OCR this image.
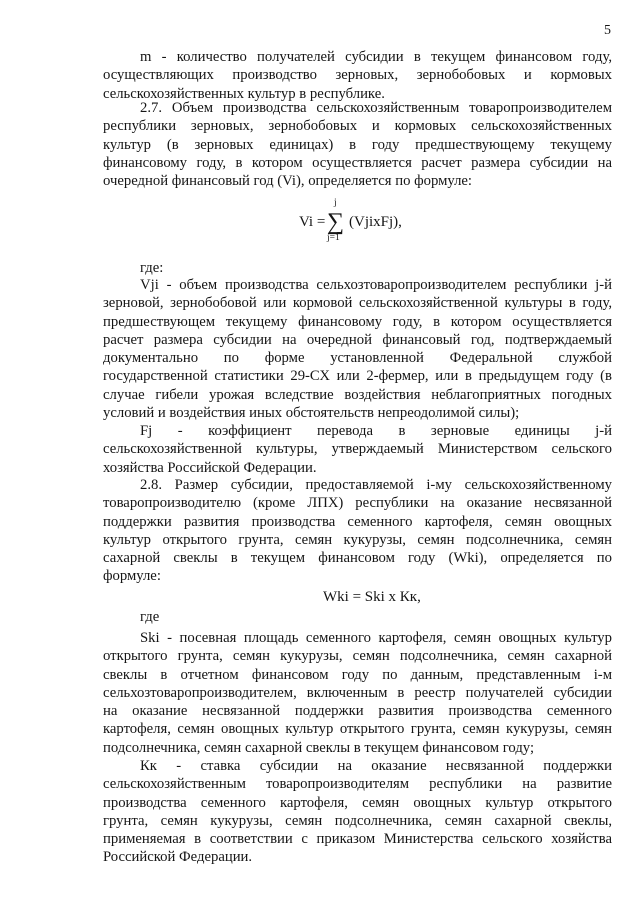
5
m - количество получателей субсидии в текущем финансовом году,
осуществляющих производство зерновых, зернобобовых и кормовых
сельскохозяйственных культур в республике.
2.7. Объем производства сельскохозяйственным товаропроизводителем
республики зерновых, зернобобовых и кормовых сельскохозяйственных
культур (в зерновых единицах) в году предшествующему текущему
финансовому году, в котором осуществляется расчет размера субсидии на
очередной финансовый год (Vi), определяется по формуле:
Vi =
j
∑
j=1
(VjixFj),
где:
Vji - объем производства сельхозтоваропроизводителем республики j-й
зерновой, зернобобовой или кормовой сельскохозяйственной культуры в году,
предшествующем текущему финансовому году, в котором осуществляется
расчет размера субсидии на очередной финансовый год, подтверждаемый
документально по форме установленной Федеральной службой
государственной статистики 29-СХ или 2-фермер, или в предыдущем году (в
случае гибели урожая вследствие воздействия неблагоприятных погодных
условий и воздействия иных обстоятельств непреодолимой силы);
Fj - коэффициент перевода в зерновые единицы j-й
сельскохозяйственной культуры, утверждаемый Министерством сельского
хозяйства Российской Федерации.
2.8. Размер субсидии, предоставляемой i-му сельскохозяйственному
товаропроизводителю (кроме ЛПХ) республики на оказание несвязанной
поддержки развития производства семенного картофеля, семян овощных
культур открытого грунта, семян кукурузы, семян подсолнечника, семян
сахарной свеклы в текущем финансовом году (Wki), определяется по
формуле:
Wki = Ski x Кк,
где
Ski - посевная площадь семенного картофеля, семян овощных культур
открытого грунта, семян кукурузы, семян подсолнечника, семян сахарной
свеклы в отчетном финансовом году по данным, представленным i-м
сельхозтоваропроизводителем, включенным в реестр получателей субсидии
на оказание несвязанной поддержки развития производства семенного
картофеля, семян овощных культур открытого грунта, семян кукурузы, семян
подсолнечника, семян сахарной свеклы в текущем финансовом году;
Кк - ставка субсидии на оказание несвязанной поддержки
сельскохозяйственным товаропроизводителям республики на развитие
производства семенного картофеля, семян овощных культур открытого
грунта, семян кукурузы, семян подсолнечника, семян сахарной свеклы,
применяемая в соответствии с приказом Министерства сельского хозяйства
Российской Федерации.
